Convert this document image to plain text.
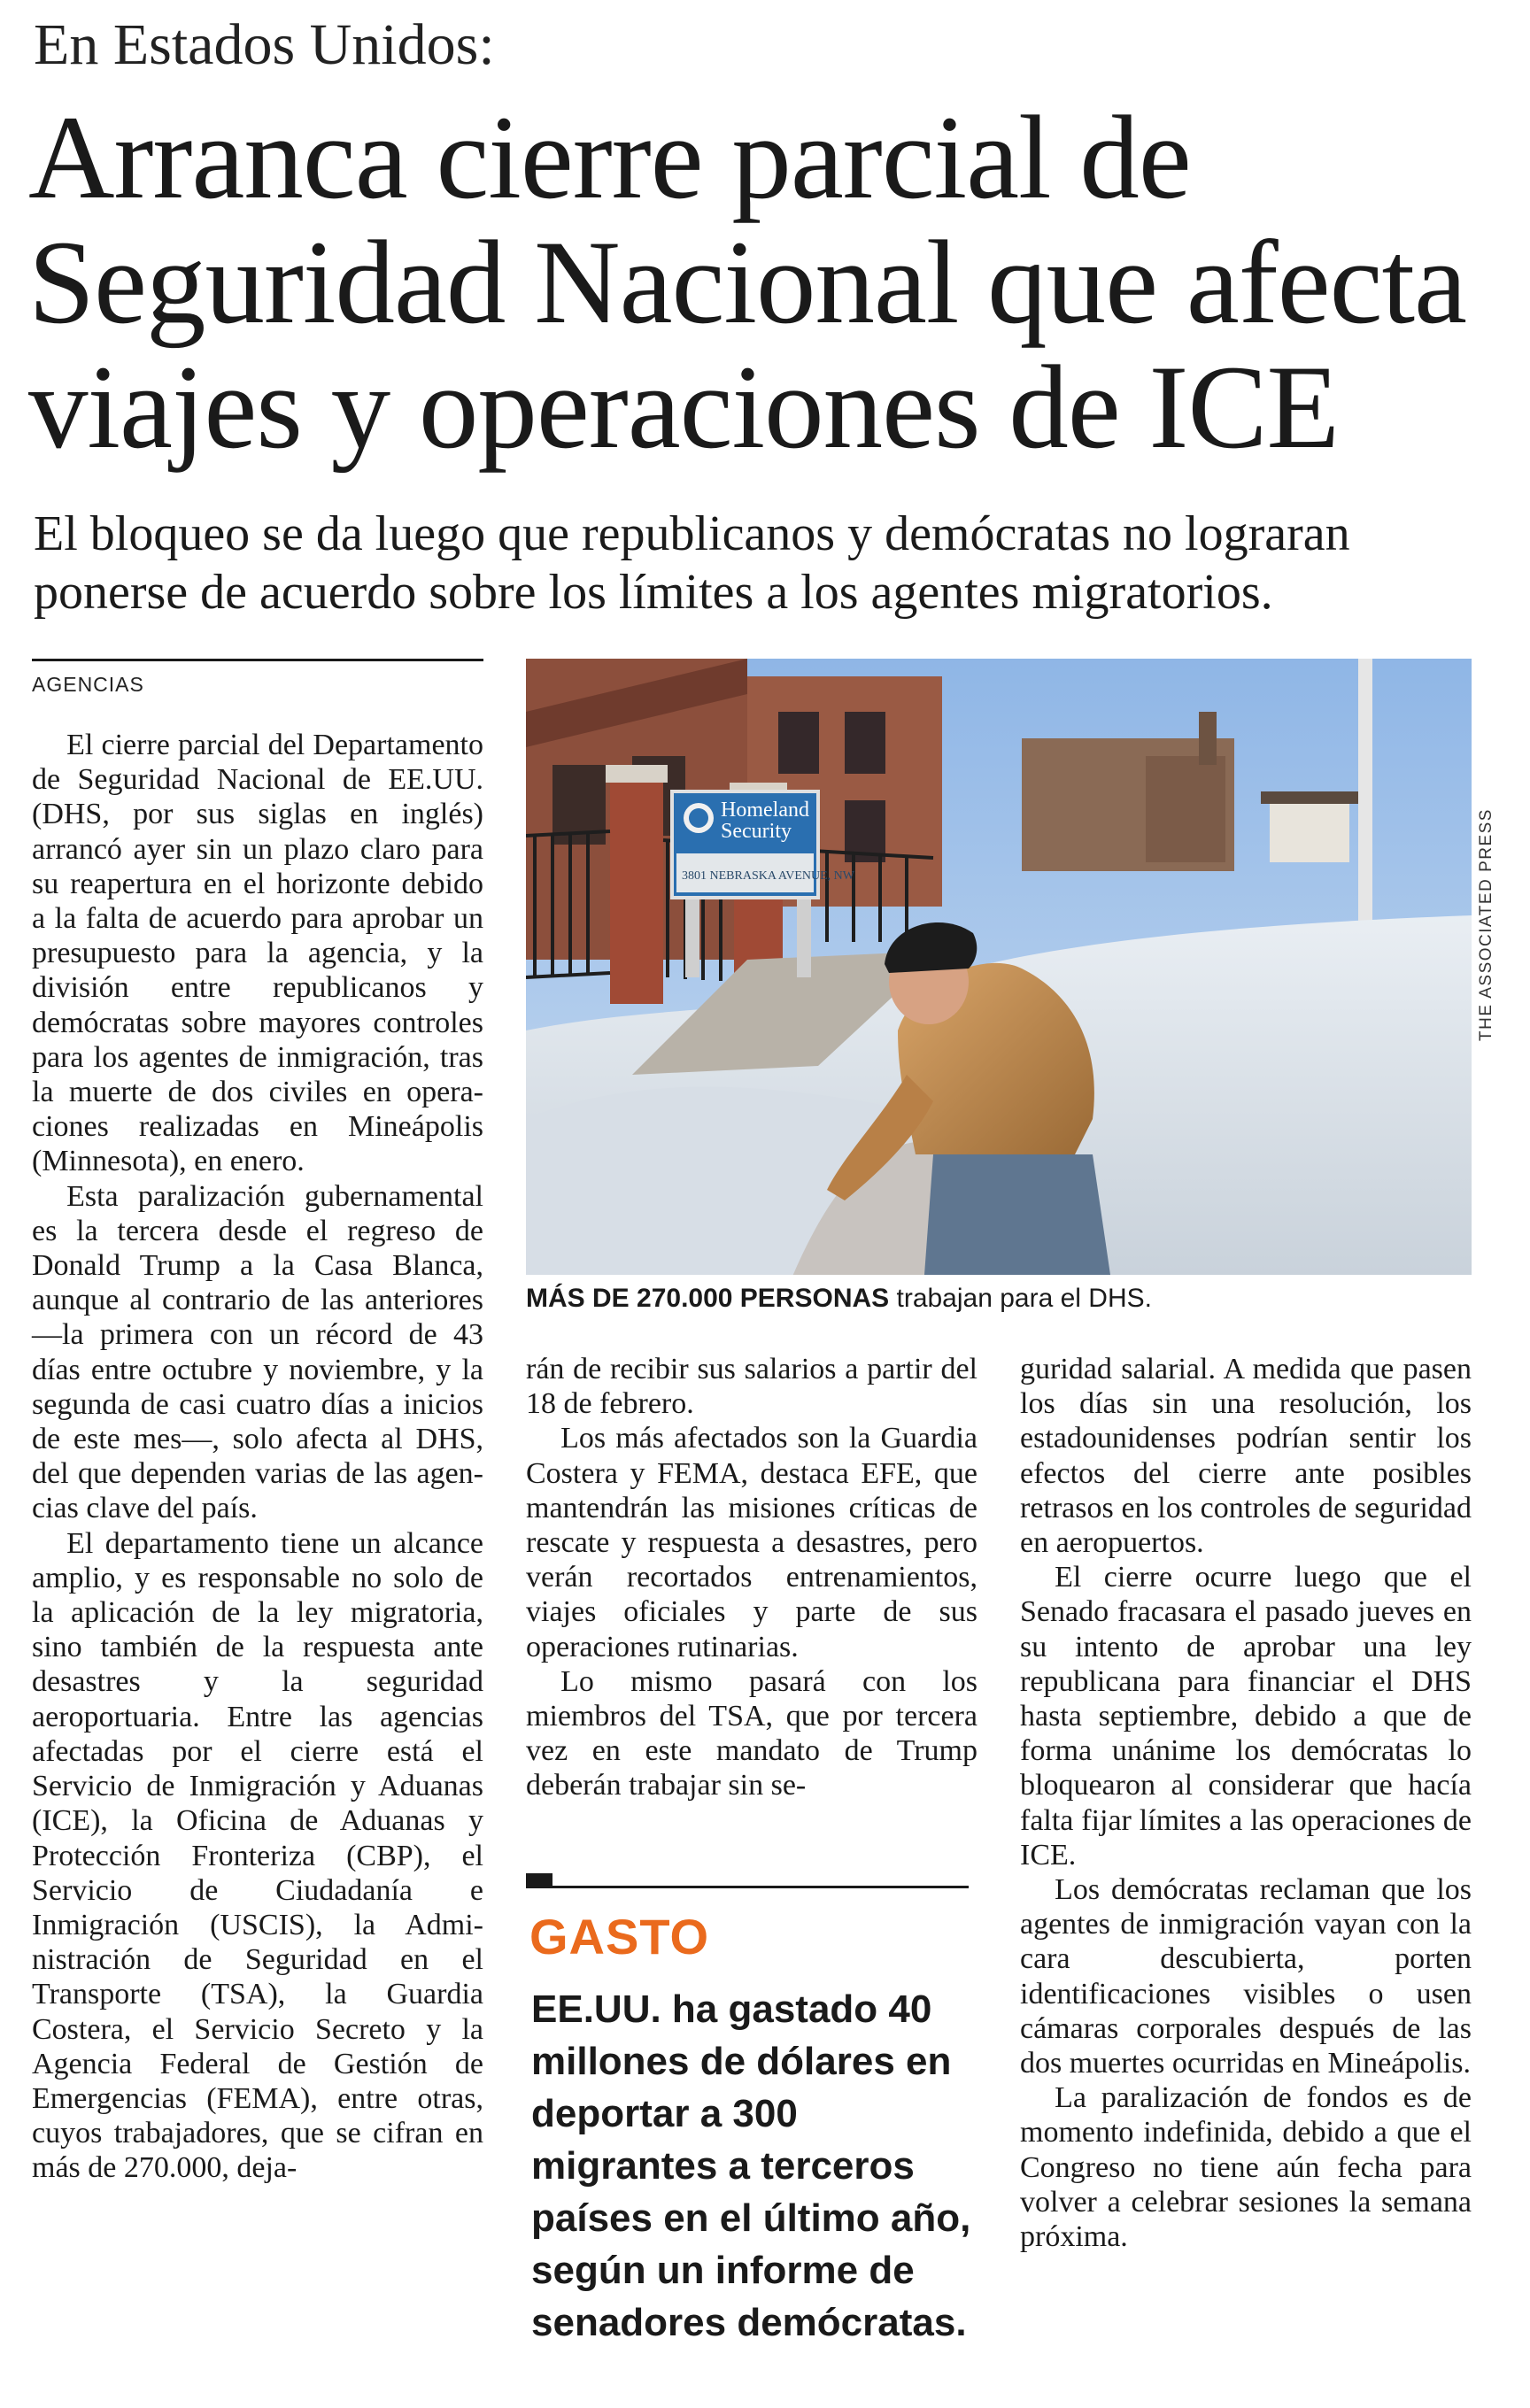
En Estados Unidos:
Arranca cierre parcial de
Seguridad Nacional que afecta
viajes y operaciones de ICE
El bloqueo se da luego que republicanos y demócratas no lograran
ponerse de acuerdo sobre los límites a los agentes migratorios.
AGENCIAS

El cierre parcial del Departamento de Seguridad Nacional de EE.UU. (DHS, por sus siglas en inglés) arrancó ayer sin un plazo claro para su reapertura en el horizonte debido a la falta de acuerdo para aprobar un presupuesto para la agencia, y la división entre republicanos y demócratas sobre mayores controles para los agentes de inmigración, tras la muerte de dos civiles en operaciones realizadas en Mineápolis (Minnesota), en enero.

Esta paralización gubernamental es la tercera desde el regreso de Donald Trump a la Casa Blanca, aunque al contrario de las anteriores —la primera con un récord de 43 días entre octubre y noviembre, y la segunda de casi cuatro días a inicios de este mes—, solo afecta al DHS, del que dependen varias de las agencias clave del país.

El departamento tiene un alcance amplio, y es responsable no solo de la aplicación de la ley migratoria, sino también de la respuesta ante desastres y la seguridad aeroportuaria. Entre las agencias afectadas por el cierre está el Servicio de Inmigración y Aduanas (ICE), la Oficina de Aduanas y Protección Fronteriza (CBP), el Servicio de Ciudadanía e Inmigración (USCIS), la Administración de Seguridad en el Transporte (TSA), la Guardia Costera, el Servicio Secreto y la Agencia Federal de Gestión de Emergencias (FEMA), entre otras, cuyos trabajadores, que se cifran en más de 270.000, deja-

Homeland
Security
3801 NEBRASKA AVENUE, NW	THE ASSOCIATED PRESS
MÁS DE 270.000 PERSONAS trabajan para el DHS.

rán de recibir sus salarios a partir del 18 de febrero.

Los más afectados son la Guardia Costera y FEMA, destaca EFE, que mantendrán las misiones críticas de rescate y respuesta a desastres, pero verán recortados entrenamientos, viajes oficiales y parte de sus operaciones rutinarias.

Lo mismo pasará con los miembros del TSA, que por tercera vez en este mandato de Trump deberán trabajar sin se-

GASTO
EE.UU. ha gastado 40
millones de dólares en
deportar a 300
migrantes a terceros
países en el último año,
según un informe de
senadores demócratas.

guridad salarial. A medida que pasen los días sin una resolución, los estadounidenses podrían sentir los efectos del cierre ante posibles retrasos en los controles de seguridad en aeropuertos.

El cierre ocurre luego que el Senado fracasara el pasado jueves en su intento de aprobar una ley republicana para financiar el DHS hasta septiembre, debido a que de forma unánime los demócratas lo bloquearon al considerar que hacía falta fijar límites a las operaciones de ICE.

Los demócratas reclaman que los agentes de inmigración vayan con la cara descubierta, porten identificaciones visibles o usen cámaras corporales después de las dos muertes ocurridas en Mineápolis.

La paralización de fondos es de momento indefinida, debido a que el Congreso no tiene aún fecha para volver a celebrar sesiones la semana próxima.
